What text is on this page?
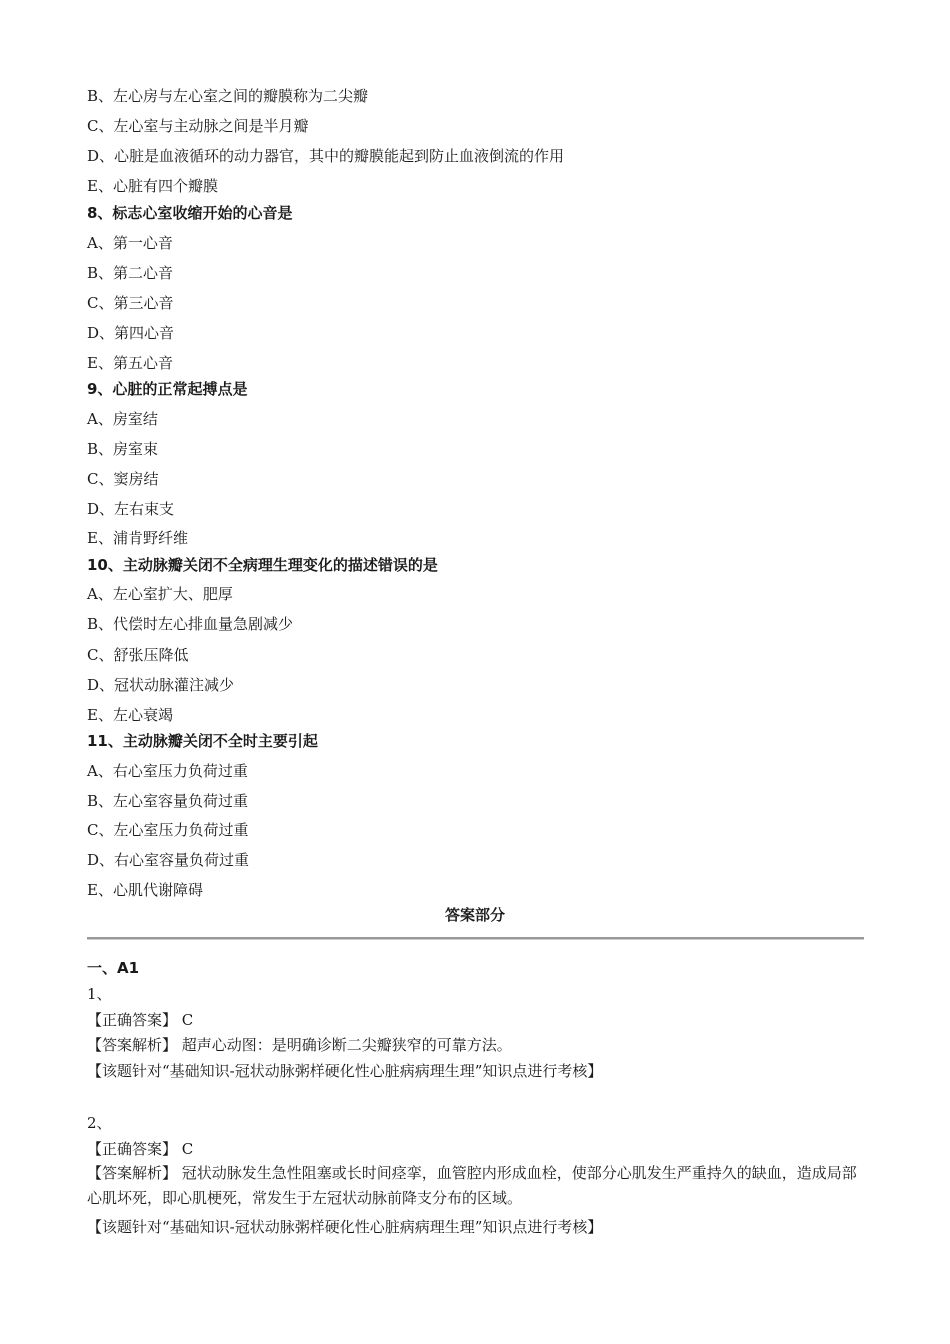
B、左心房与左心室之间的瓣膜称为二尖瓣
C、左心室与主动脉之间是半月瓣
D、心脏是血液循环的动力器官，其中的瓣膜能起到防止血液倒流的作用
E、心脏有四个瓣膜
8、标志心室收缩开始的心音是
A、第一心音
B、第二心音
C、第三心音
D、第四心音
E、第五心音
9、心脏的正常起搏点是
A、房室结
B、房室束
C、窦房结
D、左右束支
E、浦肯野纤维
10、主动脉瓣关闭不全病理生理变化的描述错误的是
A、左心室扩大、肥厚
B、代偿时左心排血量急剧减少
C、舒张压降低
D、冠状动脉灌注减少
E、左心衰竭
11、主动脉瓣关闭不全时主要引起
A、右心室压力负荷过重
B、左心室容量负荷过重
C、左心室压力负荷过重
D、右心室容量负荷过重
E、心肌代谢障碍
答案部分
一、A1
1、
【正确答案】 C
【答案解析】 超声心动图：是明确诊断二尖瓣狭窄的可靠方法。
【该题针对“基础知识-冠状动脉粥样硬化性心脏病病理生理”知识点进行考核】
2、
【正确答案】 C
【答案解析】 冠状动脉发生急性阻塞或长时间痉挛，血管腔内形成血栓，使部分心肌发生严重持久的缺血，造成局部心肌坏死，即心肌梗死，常发生于左冠状动脉前降支分布的区域。
【该题针对“基础知识-冠状动脉粥样硬化性心脏病病理生理”知识点进行考核】
